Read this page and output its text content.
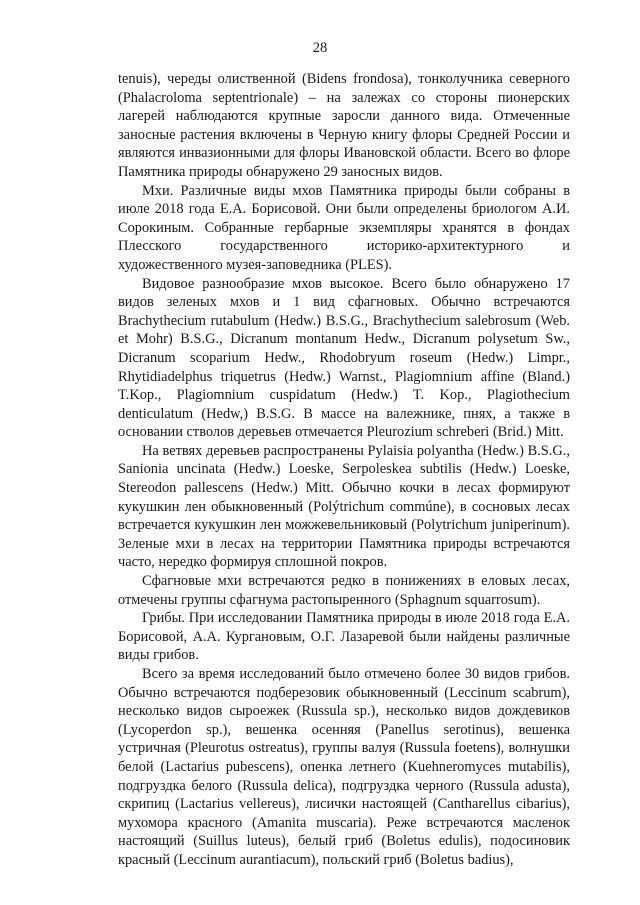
28

tenuis), череды олиственной (Bidens frondosa), тонколучника северного (Phalacroloma septentrionale) – на залежах со стороны пионерских лагерей наблюдаются крупные заросли данного вида. Отмеченные заносные растения включены в Черную книгу флоры Средней России и являются инвазионными для флоры Ивановской области. Всего во флоре Памятника природы обнаружено 29 заносных видов.

Мхи. Различные виды мхов Памятника природы были собраны в июле 2018 года Е.А. Борисовой. Они были определены бриологом А.И. Сорокиным. Собранные гербарные экземпляры хранятся в фондах Плесского государственного историко-архитектурного и художественного музея-заповедника (PLES).

Видовое разнообразие мхов высокое. Всего было обнаружено 17 видов зеленых мхов и 1 вид сфагновых. Обычно встречаются Brachythecium rutabulum (Hedw.) B.S.G., Brachythecium salebrosum (Web. et Mohr) B.S.G., Dicranum montanum Hedw., Dicranum polysetum Sw., Dicranum scoparium Hedw., Rhodobryum roseum (Hedw.) Limpr., Rhytidiadelphus triquetrus (Hedw.) Warnst., Plagiomnium affine (Bland.) T.Kop., Plagiomnium cuspidatum (Hedw.) T. Kop., Plagiothecium denticulatum (Hedw,) B.S.G. В массе на валежнике, пнях, а также в основании стволов деревьев отмечается Pleurozium schreberi (Brid.) Mitt.

На ветвях деревьев распространены Pylaisia polyantha (Hedw.) B.S.G., Sanionia uncinata (Hedw.) Loeske, Serpoleskea subtilis (Hedw.) Loeske, Stereodon pallescens (Hedw.) Mitt. Обычно кочки в лесах формируют кукушкин лен обыкновенный (Polýtrichum commúne), в сосновых лесах встречается кукушкин лен можжевельниковый (Polytrichum juniperinum). Зеленые мхи в лесах на территории Памятника природы встречаются часто, нередко формируя сплошной покров.

Сфагновые мхи встречаются редко в понижениях в еловых лесах, отмечены группы сфагнума растопыренного (Sphagnum squarrosum).

Грибы. При исследовании Памятника природы в июле 2018 года Е.А. Борисовой, А.А. Кургановым, О.Г. Лазаревой были найдены различные виды грибов.

Всего за время исследований было отмечено более 30 видов грибов. Обычно встречаются подберезовик обыкновенный (Leccinum scabrum), несколько видов сыроежек (Russula sp.), несколько видов дождевиков (Lycoperdon sp.), вешенка осенняя (Panellus serotinus), вешенка устричная (Pleurotus ostreatus), группы валуя (Russula foetens), волнушки белой (Lactarius pubescens), опенка летнего (Kuehneromyces mutabilis), подгруздка белого (Russula delica), подгруздка черного (Russula adusta), скрипиц (Lactarius vellereus), лисички настоящей (Cantharellus cibarius), мухомора красного (Amanita muscaria). Реже встречаются масленок настоящий (Suillus luteus), белый гриб (Boletus edulis), подосиновик красный (Leccinum aurantiacum), польский гриб (Boletus badius),
